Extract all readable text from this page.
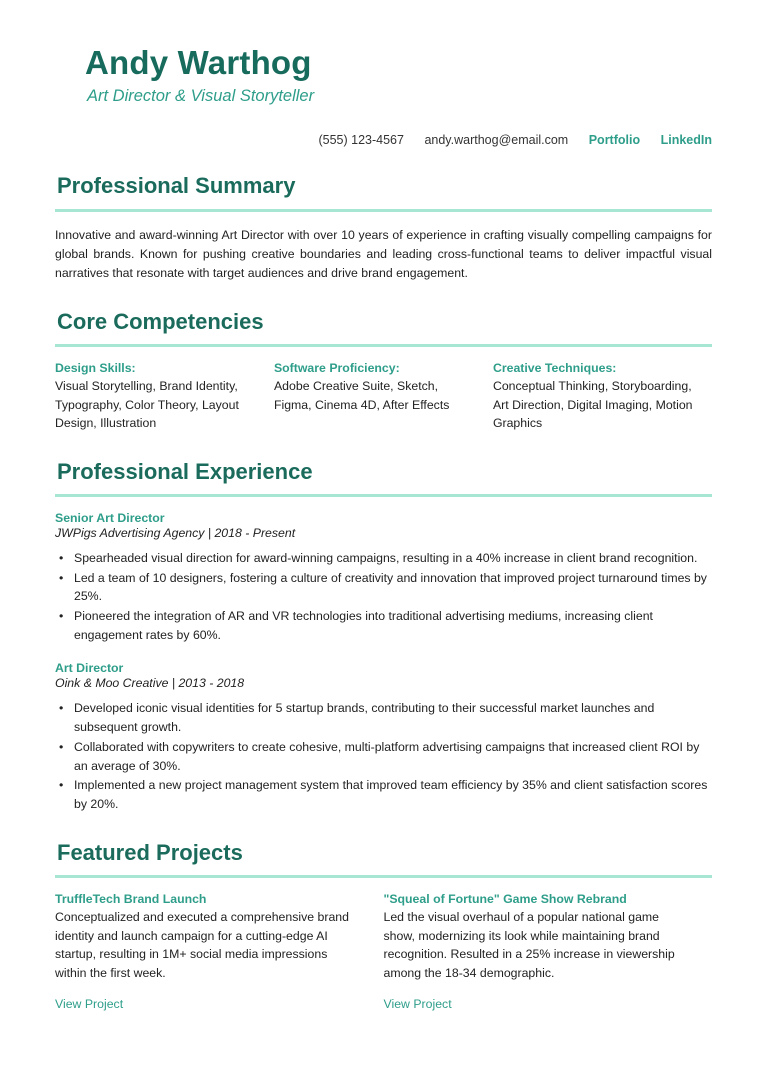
Andy Warthog
Art Director & Visual Storyteller
(555) 123-4567 andy.warthog@email.com Portfolio LinkedIn
Professional Summary

Innovative and award-winning Art Director with over 10 years of experience in crafting visually compelling campaigns for global brands. Known for pushing creative boundaries and leading cross-functional teams to deliver impactful visual narratives that resonate with target audiences and drive brand engagement.

Core Competencies
Design Skills:
Visual Storytelling, Brand Identity, Typography, Color Theory, Layout Design, Illustration
Software Proficiency:
Adobe Creative Suite, Sketch, Figma, Cinema 4D, After Effects
Creative Techniques:
Conceptual Thinking, Storyboarding, Art Direction, Digital Imaging, Motion Graphics
Professional Experience
Senior Art Director
JWPigs Advertising Agency | 2018 - Present
• Spearheaded visual direction for award-winning campaigns, resulting in a 40% increase in client brand recognition.
• Led a team of 10 designers, fostering a culture of creativity and innovation that improved project turnaround times by 25%.
• Pioneered the integration of AR and VR technologies into traditional advertising mediums, increasing client engagement rates by 60%.
Art Director
Oink & Moo Creative | 2013 - 2018
• Developed iconic visual identities for 5 startup brands, contributing to their successful market launches and subsequent growth.
• Collaborated with copywriters to create cohesive, multi-platform advertising campaigns that increased client ROI by an average of 30%.
• Implemented a new project management system that improved team efficiency by 35% and client satisfaction scores by 20%.
Featured Projects
TruffleTech Brand Launch
Conceptualized and executed a comprehensive brand identity and launch campaign for a cutting-edge AI startup, resulting in 1M+ social media impressions within the first week.
View Project
"Squeal of Fortune" Game Show Rebrand
Led the visual overhaul of a popular national game show, modernizing its look while maintaining brand recognition. Resulted in a 25% increase in viewership among the 18-34 demographic.
View Project
